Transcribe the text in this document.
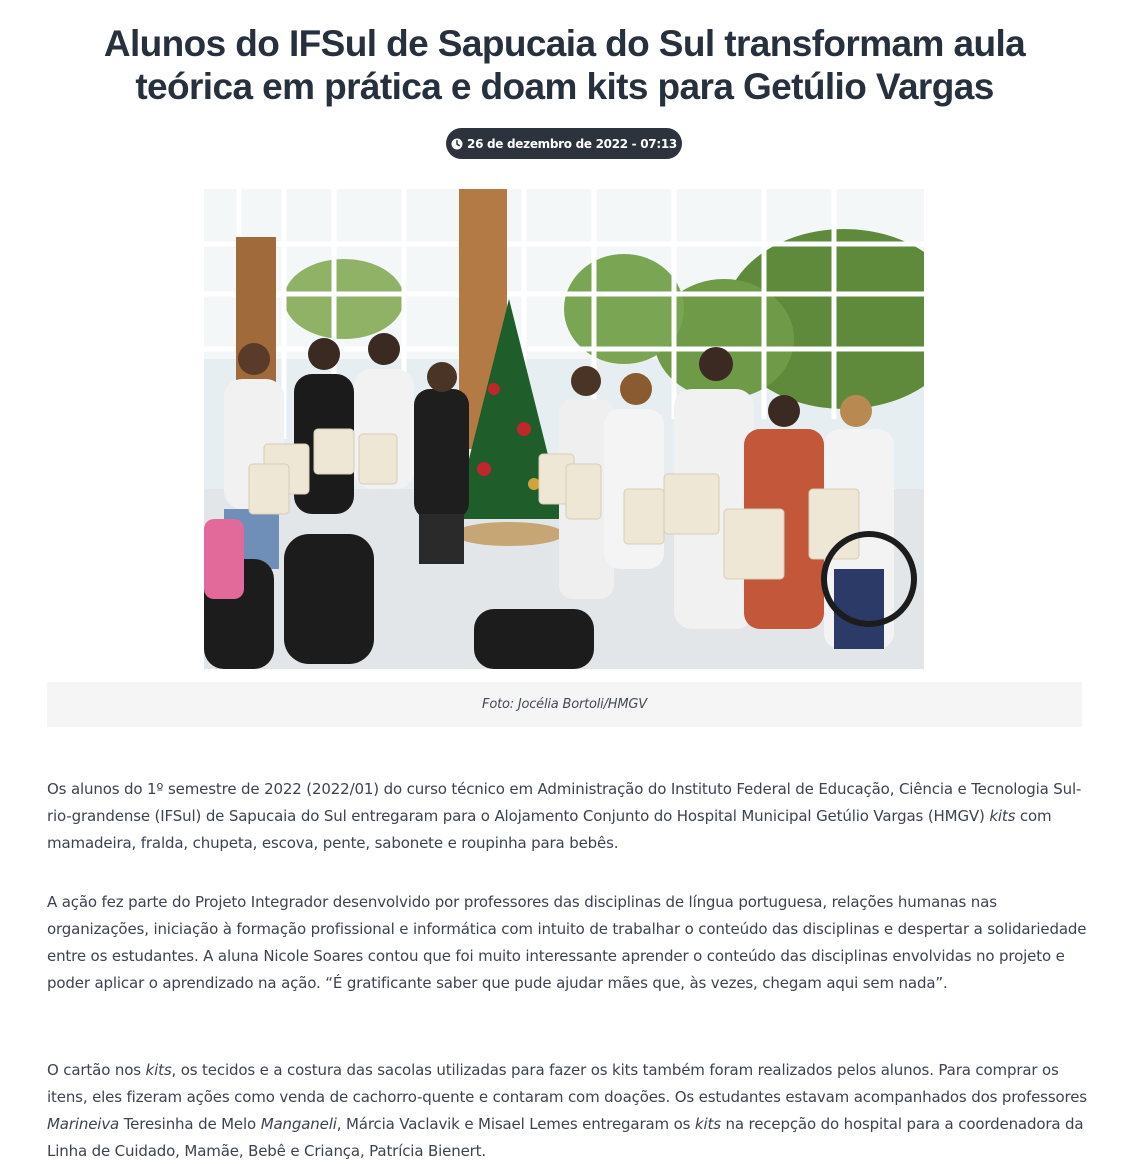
Alunos do IFSul de Sapucaia do Sul transformam aula teórica em prática e doam kits para Getúlio Vargas
26 de dezembro de 2022 - 07:13
Foto: Jocélia Bortoli/HMGV

Os alunos do 1º semestre de 2022 (2022/01) do curso técnico em Administração do Instituto Federal de Educação, Ciência e Tecnologia Sul-rio-grandense (IFSul) de Sapucaia do Sul entregaram para o Alojamento Conjunto do Hospital Municipal Getúlio Vargas (HMGV) kits com mamadeira, fralda, chupeta, escova, pente, sabonete e roupinha para bebês.

A ação fez parte do Projeto Integrador desenvolvido por professores das disciplinas de língua portuguesa, relações humanas nas organizações, iniciação à formação profissional e informática com intuito de trabalhar o conteúdo das disciplinas e despertar a solidariedade entre os estudantes. A aluna Nicole Soares contou que foi muito interessante aprender o conteúdo das disciplinas envolvidas no projeto e poder aplicar o aprendizado na ação. “É gratificante saber que pude ajudar mães que, às vezes, chegam aqui sem nada”.

O cartão nos kits, os tecidos e a costura das sacolas utilizadas para fazer os kits também foram realizados pelos alunos. Para comprar os itens, eles fizeram ações como venda de cachorro-quente e contaram com doações. Os estudantes estavam acompanhados dos professores Marineiva Teresinha de Melo Manganeli, Márcia Vaclavik e Misael Lemes entregaram os kits na recepção do hospital para a coordenadora da Linha de Cuidado, Mamãe, Bebê e Criança, Patrícia Bienert.
